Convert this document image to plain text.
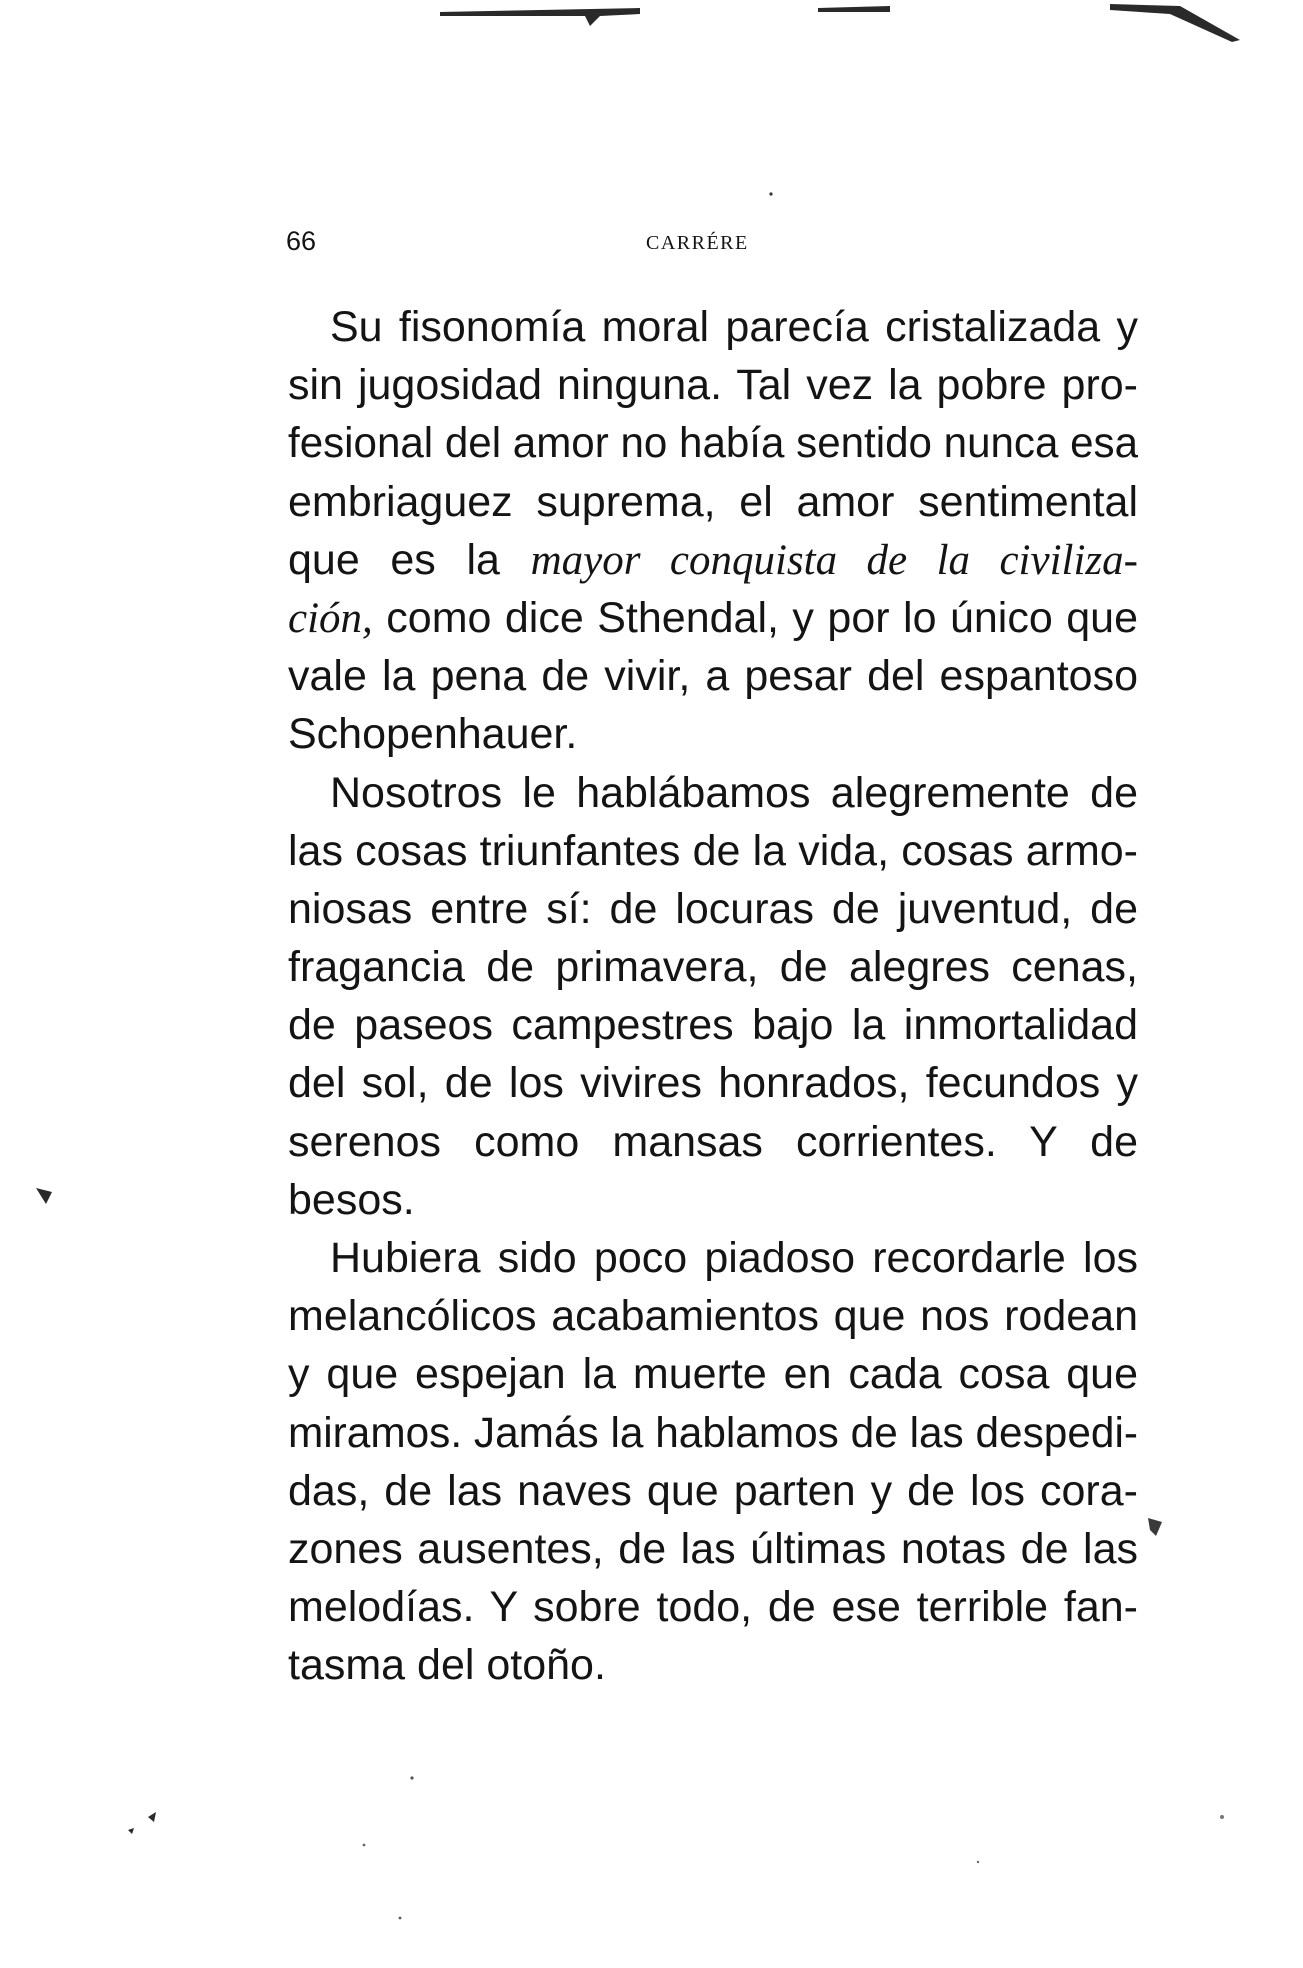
66	CARRÉRE
Su fisonomía moral parecía cristalizada y
sin jugosidad ninguna. Tal vez la pobre pro-
fesional del amor no había sentido nunca esa
embriaguez suprema, el amor sentimental
que es la mayor conquista de la civiliza-
ción, como dice Sthendal, y por lo único que
vale la pena de vivir, a pesar del espantoso
Schopenhauer.
Nosotros le hablábamos alegremente de
las cosas triunfantes de la vida, cosas armo-
niosas entre sí: de locuras de juventud, de
fragancia de primavera, de alegres cenas,
de paseos campestres bajo la inmortalidad
del sol, de los vivires honrados, fecundos y
serenos como mansas corrientes. Y de
besos.
Hubiera sido poco piadoso recordarle los
melancólicos acabamientos que nos rodean
y que espejan la muerte en cada cosa que
miramos. Jamás la hablamos de las despedi-
das, de las naves que parten y de los cora-
zones ausentes, de las últimas notas de las
melodías. Y sobre todo, de ese terrible fan-
tasma del otoño.
